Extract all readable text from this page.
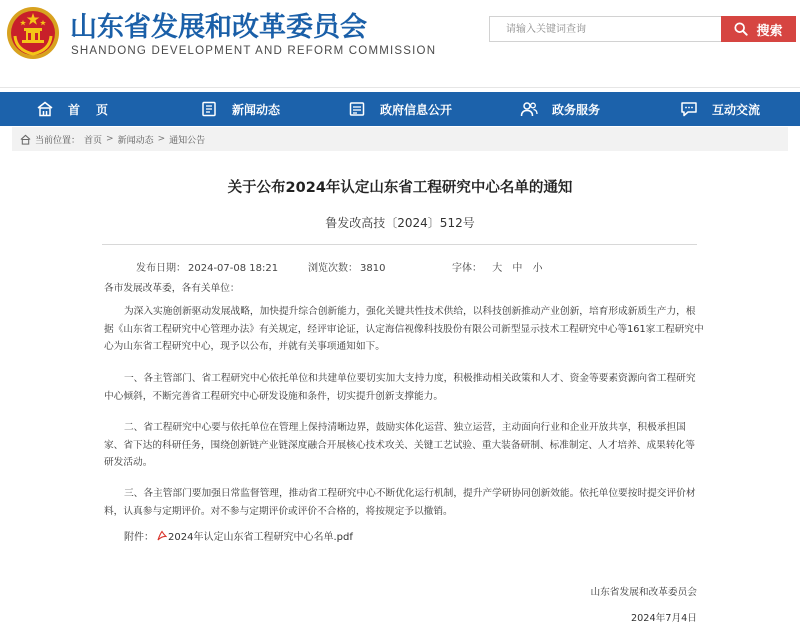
山东省发展和改革委员会
SHANDONG DEVELOPMENT AND REFORM COMMISSION
请输入关键词查询
搜索
首页	新闻动态	政府信息公开	政务服务	互动交流
当前位置： 首页 > 新闻动态 > 通知公告
关于公布2024年认定山东省工程研究中心名单的通知
鲁发改高技〔2024〕512号
发布日期： 2024-07-08 18:21	浏览次数： 3810	字体： 大 中 小
各市发展改革委，各有关单位：
为深入实施创新驱动发展战略，加快提升综合创新能力，强化关键共性技术供给，以科技创新推动产业创新，培育形成新质生产力，根据《山东省工程研究中心管理办法》有关规定，经评审论证，认定海信视像科技股份有限公司新型显示技术工程研究中心等161家工程研究中心为山东省工程研究中心，现予以公布，并就有关事项通知如下。
一、各主管部门、省工程研究中心依托单位和共建单位要切实加大支持力度，积极推动相关政策和人才、资金等要素资源向省工程研究中心倾斜，不断完善省工程研究中心研发设施和条件，切实提升创新支撑能力。
二、省工程研究中心要与依托单位在管理上保持清晰边界，鼓励实体化运营、独立运营，主动面向行业和企业开放共享，积极承担国家、省下达的科研任务，围绕创新链产业链深度融合开展核心技术攻关、关键工艺试验、重大装备研制、标准制定、人才培养、成果转化等研发活动。
三、各主管部门要加强日常监督管理，推动省工程研究中心不断优化运行机制，提升产学研协同创新效能。依托单位要按时提交评价材料，认真参与定期评价。对不参与定期评价或评价不合格的，将按规定予以撤销。
附件： 2024年认定山东省工程研究中心名单.pdf
山东省发展和改革委员会
2024年7月4日
